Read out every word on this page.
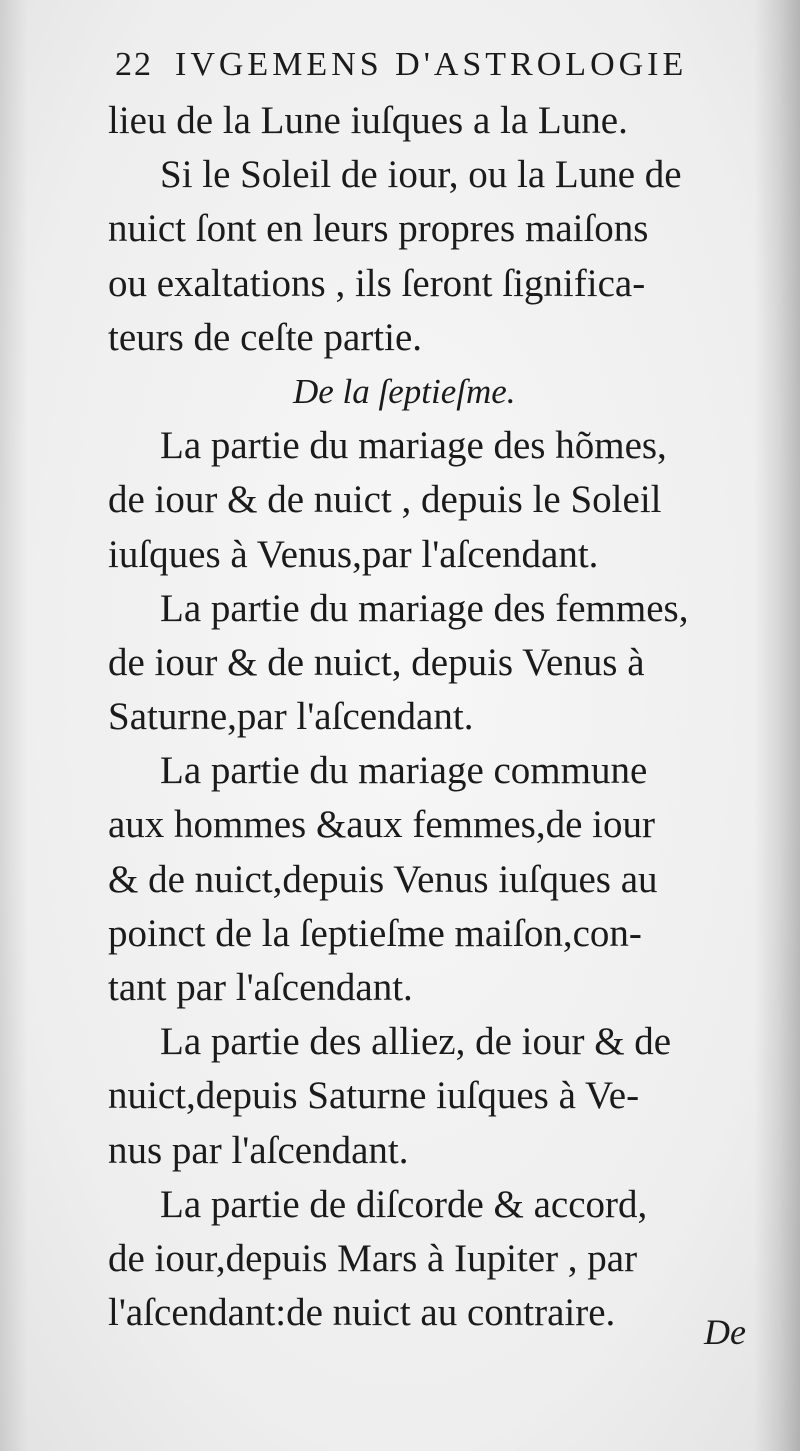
22 IVGEMENS D'ASTROLOGIE
lieu de la Lune iuſques a la Lune.
Si le Soleil de iour, ou la Lune de
nuict ſont en leurs propres maiſons
ou exaltations , ils ſeront ſignifica-
teurs de ceſte partie.
De la ſeptieſme.
La partie du mariage des hõmes,
de iour & de nuict , depuis le Soleil
iuſques à Venus,par l'aſcendant.
La partie du mariage des femmes,
de iour & de nuict, depuis Venus à
Saturne,par l'aſcendant.
La partie du mariage commune
aux hommes &aux femmes,de iour
& de nuict,depuis Venus iuſques au
poinct de la ſeptieſme maiſon,con-
tant par l'aſcendant.
La partie des alliez, de iour & de
nuict,depuis Saturne iuſques à Ve-
nus par l'aſcendant.
La partie de diſcorde & accord,
de iour,depuis Mars à Iupiter , par
l'aſcendant:de nuict au contraire.	De
